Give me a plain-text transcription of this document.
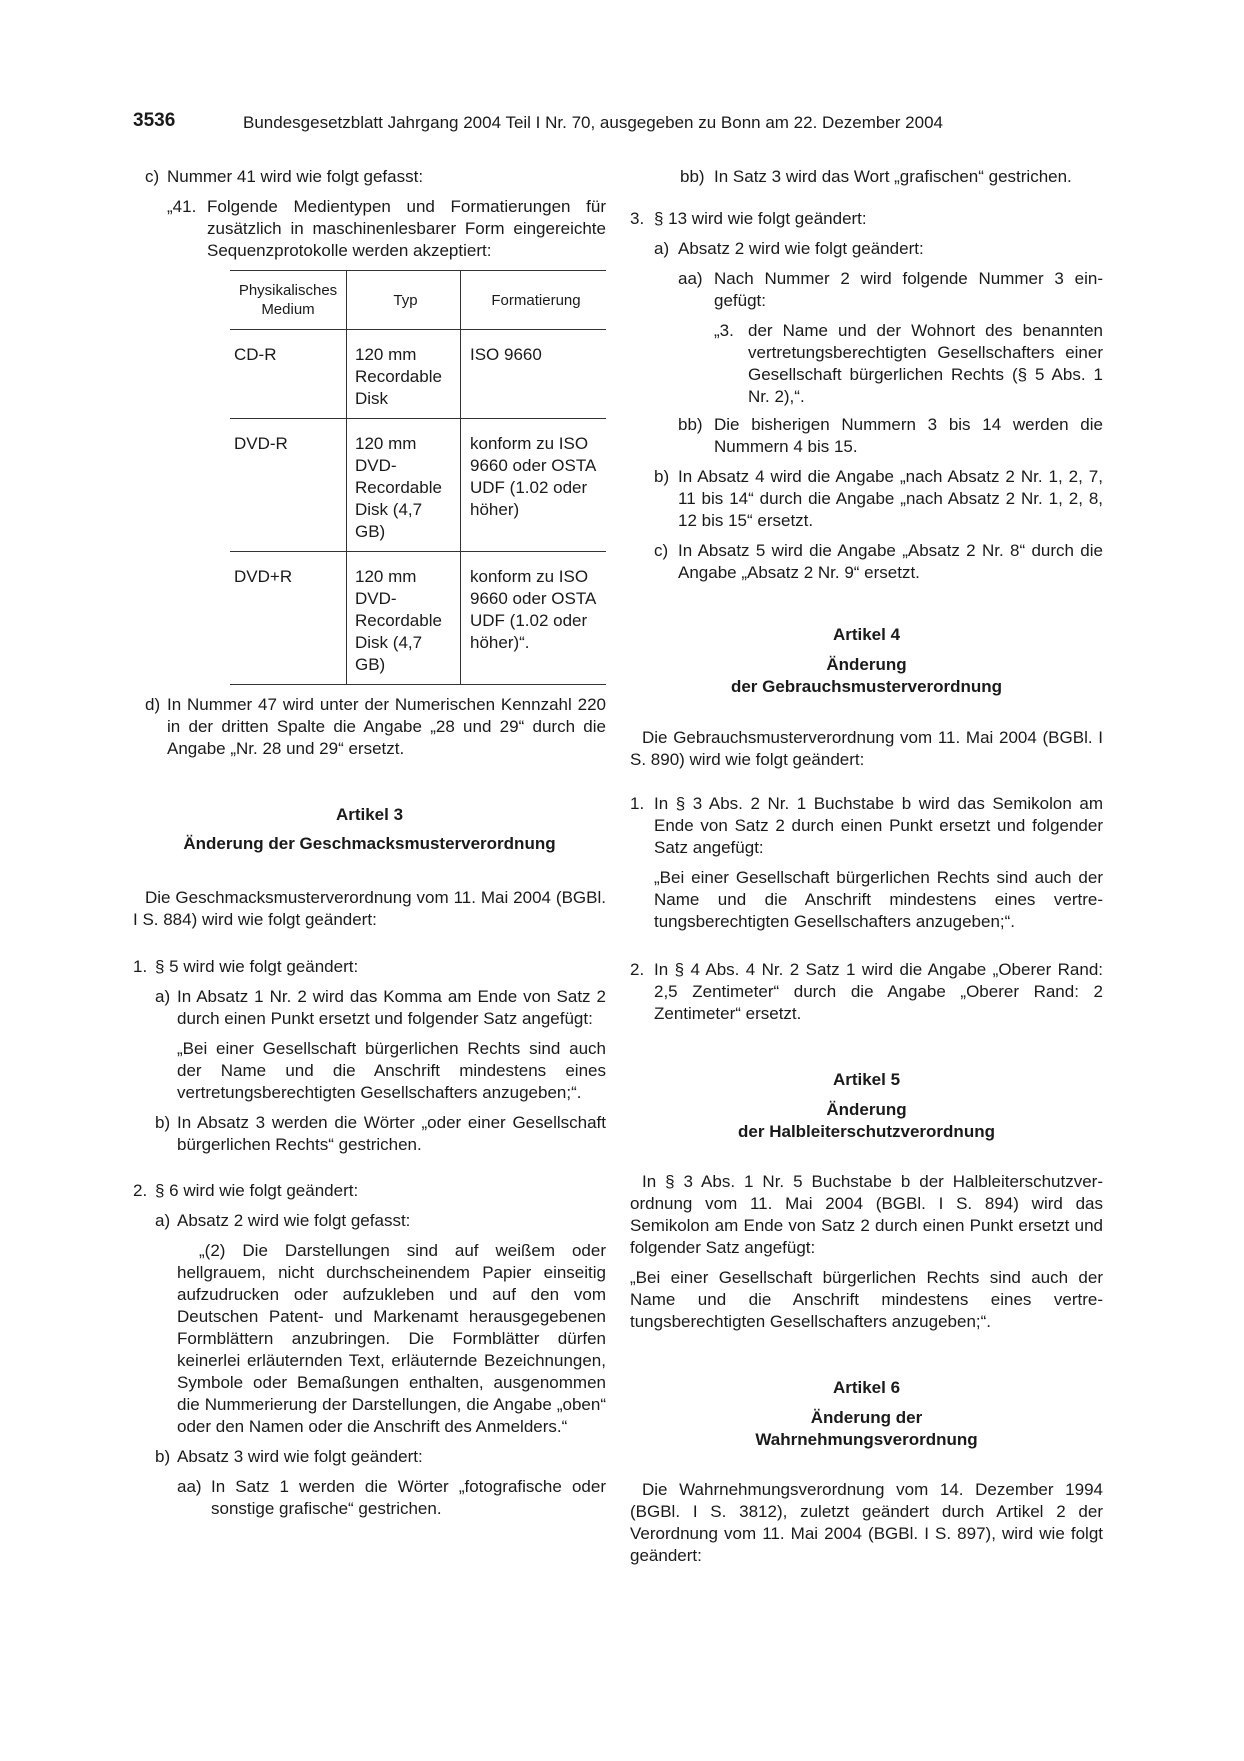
3536	Bundesgesetzblatt Jahrgang 2004 Teil I Nr. 70, ausgegeben zu Bonn am 22. Dezember 2004
c) Nummer 41 wird wie folgt gefasst:
„41. Folgende Medientypen und Formatierungen für zusätzlich in maschinenlesbarer Form eingereichte Sequenzprotokolle werden akzeptiert:
Physikalisches Medium	Typ	Formatierung
CD-R	120 mm Recordable Disk	ISO 9660
DVD-R	120 mm DVD-Recordable Disk (4,7 GB)	konform zu ISO 9660 oder OSTA UDF (1.02 oder höher)
DVD+R	120 mm DVD-Recordable Disk (4,7 GB)	konform zu ISO 9660 oder OSTA UDF (1.02 oder höher)“.
d) In Nummer 47 wird unter der Numerischen Kennzahl 220 in der dritten Spalte die Angabe „28 und 29“ durch die Angabe „Nr. 28 und 29“ ersetzt.
Artikel 3
Änderung der Geschmacksmusterverordnung

Die Geschmacksmusterverordnung vom 11. Mai 2004 (BGBl. I S. 884) wird wie folgt geändert:

1. § 5 wird wie folgt geändert:
a) In Absatz 1 Nr. 2 wird das Komma am Ende von Satz 2 durch einen Punkt ersetzt und folgender Satz angefügt:

„Bei einer Gesellschaft bürgerlichen Rechts sind auch der Name und die Anschrift mindestens eines vertretungsberechtigten Gesellschafters anzugeben;“.

b) In Absatz 3 werden die Wörter „oder einer Gesellschaft bürgerlichen Rechts“ gestrichen.
2. § 6 wird wie folgt geändert:
a) Absatz 2 wird wie folgt gefasst:

„(2) Die Darstellungen sind auf weißem oder hellgrauem, nicht durchscheinendem Papier einseitig aufzudrucken oder aufzukleben und auf den vom Deutschen Patent- und Markenamt herausgegebenen Formblättern anzubringen. Die Formblätter dürfen keinerlei erläuternden Text, erläuternde Bezeichnungen, Symbole oder Bemaßungen enthalten, ausgenommen die Nummerierung der Darstellungen, die Angabe „oben“ oder den Namen oder die Anschrift des Anmelders.“

b) Absatz 3 wird wie folgt geändert:
aa) In Satz 1 werden die Wörter „fotografische oder sonstige grafische“ gestrichen.
bb) In Satz 3 wird das Wort „grafischen“ gestrichen.
3. § 13 wird wie folgt geändert:
a) Absatz 2 wird wie folgt geändert:
aa) Nach Nummer 2 wird folgende Nummer 3 eingefügt:
„3. der Name und der Wohnort des benannten vertretungsberechtigten Gesellschafters einer Gesellschaft bürgerlichen Rechts (§ 5 Abs. 1 Nr. 2),“.
bb) Die bisherigen Nummern 3 bis 14 werden die Nummern 4 bis 15.
b) In Absatz 4 wird die Angabe „nach Absatz 2 Nr. 1, 2, 7, 11 bis 14“ durch die Angabe „nach Absatz 2 Nr. 1, 2, 8, 12 bis 15“ ersetzt.
c) In Absatz 5 wird die Angabe „Absatz 2 Nr. 8“ durch die Angabe „Absatz 2 Nr. 9“ ersetzt.
Artikel 4
Änderung
der Gebrauchsmusterverordnung

Die Gebrauchsmusterverordnung vom 11. Mai 2004 (BGBl. I S. 890) wird wie folgt geändert:

1. In § 3 Abs. 2 Nr. 1 Buchstabe b wird das Semikolon am Ende von Satz 2 durch einen Punkt ersetzt und folgender Satz angefügt:

„Bei einer Gesellschaft bürgerlichen Rechts sind auch der Name und die Anschrift mindestens eines vertretungsberechtigten Gesellschafters anzugeben;“.

2. In § 4 Abs. 4 Nr. 2 Satz 1 wird die Angabe „Oberer Rand: 2,5 Zentimeter“ durch die Angabe „Oberer Rand: 2 Zentimeter“ ersetzt.
Artikel 5
Änderung
der Halbleiterschutzverordnung

In § 3 Abs. 1 Nr. 5 Buchstabe b der Halbleiterschutzverordnung vom 11. Mai 2004 (BGBl. I S. 894) wird das Semikolon am Ende von Satz 2 durch einen Punkt ersetzt und folgender Satz angefügt:

„Bei einer Gesellschaft bürgerlichen Rechts sind auch der Name und die Anschrift mindestens eines vertretungsberechtigten Gesellschafters anzugeben;“.

Artikel 6
Änderung der
Wahrnehmungsverordnung

Die Wahrnehmungsverordnung vom 14. Dezember 1994 (BGBl. I S. 3812), zuletzt geändert durch Artikel 2 der Verordnung vom 11. Mai 2004 (BGBl. I S. 897), wird wie folgt geändert:
